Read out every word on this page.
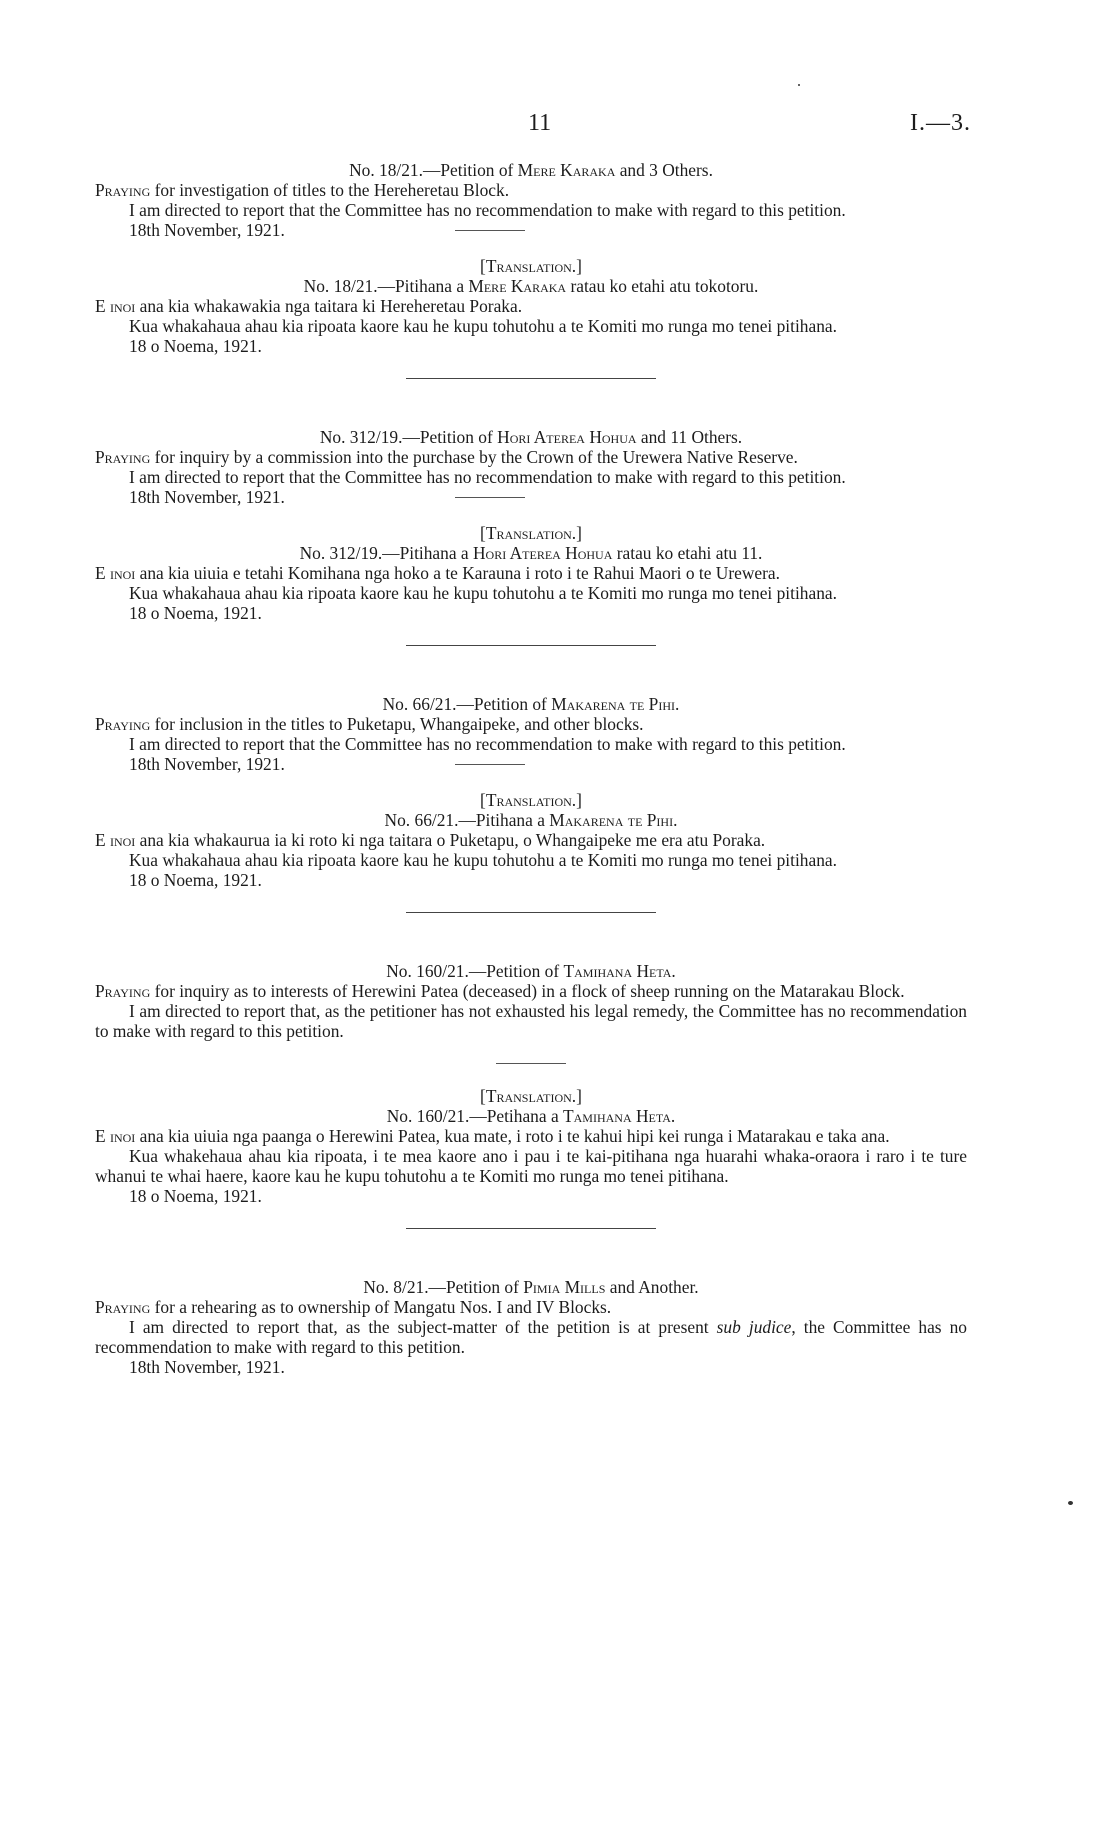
11	I.—3.

No. 18/21.—Petition of Mere Karaka and 3 Others.

Praying for investigation of titles to the Hereheretau Block.

I am directed to report that the Committee has no recommendation to make with regard to this petition.

18th November, 1921.

[Translation.]

No. 18/21.—Pitihana a Mere Karaka ratau ko etahi atu tokotoru.

E inoi ana kia whakawakia nga taitara ki Hereheretau Poraka.

Kua whakahaua ahau kia ripoata kaore kau he kupu tohutohu a te Komiti mo runga mo tenei pitihana.

18 o Noema, 1921.

No. 312/19.—Petition of Hori Aterea Hohua and 11 Others.

Praying for inquiry by a commission into the purchase by the Crown of the Urewera Native Reserve.

I am directed to report that the Committee has no recommendation to make with regard to this petition.

18th November, 1921.

[Translation.]

No. 312/19.—Pitihana a Hori Aterea Hohua ratau ko etahi atu 11.

E inoi ana kia uiuia e tetahi Komihana nga hoko a te Karauna i roto i te Rahui Maori o te Urewera.

Kua whakahaua ahau kia ripoata kaore kau he kupu tohutohu a te Komiti mo runga mo tenei pitihana.

18 o Noema, 1921.

No. 66/21.—Petition of Makarena te Pihi.

Praying for inclusion in the titles to Puketapu, Whangaipeke, and other blocks.

I am directed to report that the Committee has no recommendation to make with regard to this petition.

18th November, 1921.

[Translation.]

No. 66/21.—Pitihana a Makarena te Pihi.

E inoi ana kia whakaurua ia ki roto ki nga taitara o Puketapu, o Whangaipeke me era atu Poraka.

Kua whakahaua ahau kia ripoata kaore kau he kupu tohutohu a te Komiti mo runga mo tenei pitihana.

18 o Noema, 1921.

No. 160/21.—Petition of Tamihana Heta.

Praying for inquiry as to interests of Herewini Patea (deceased) in a flock of sheep running on the Matarakau Block.

I am directed to report that, as the petitioner has not exhausted his legal remedy, the Committee has no recommendation to make with regard to this petition.

[Translation.]

No. 160/21.—Petihana a Tamihana Heta.

E inoi ana kia uiuia nga paanga o Herewini Patea, kua mate, i roto i te kahui hipi kei runga i Matarakau e taka ana.

Kua whakehaua ahau kia ripoata, i te mea kaore ano i pau i te kai-pitihana nga huarahi whaka-oraora i raro i te ture whanui te whai haere, kaore kau he kupu tohutohu a te Komiti mo runga mo tenei pitihana.

18 o Noema, 1921.

No. 8/21.—Petition of Pimia Mills and Another.

Praying for a rehearing as to ownership of Mangatu Nos. I and IV Blocks.

I am directed to report that, as the subject-matter of the petition is at present sub judice, the Committee has no recommendation to make with regard to this petition.

18th November, 1921.
